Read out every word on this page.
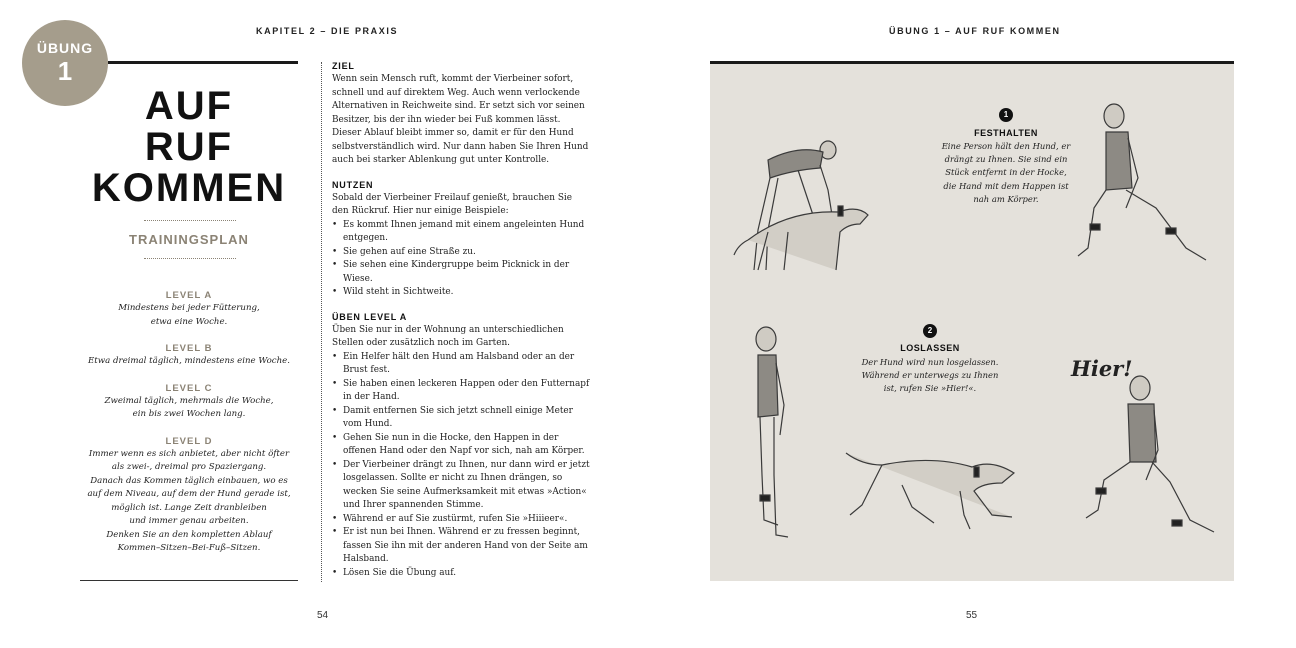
KAPITEL 2 – DIE PRAXIS	ÜBUNG 1 – AUF RUF KOMMEN
ÜBUNG
1
AUF
RUF
KOMMEN
TRAININGSPLAN
LEVEL A
Mindestens bei jeder Fütterung,
etwa eine Woche.
LEVEL B
Etwa dreimal täglich, mindestens eine Woche.
LEVEL C
Zweimal täglich, mehrmals die Woche,
ein bis zwei Wochen lang.
LEVEL D
Immer wenn es sich anbietet, aber nicht öfter
als zwei-, dreimal pro Spaziergang.
Danach das Kommen täglich einbauen, wo es
auf dem Niveau, auf dem der Hund gerade ist,
möglich ist. Lange Zeit dranbleiben
und immer genau arbeiten.
Denken Sie an den kompletten Ablauf
Kommen–Sitzen–Bei-Fuß–Sitzen.
ZIEL

Wenn sein Mensch ruft, kommt der Vierbeiner sofort, schnell und auf direktem Weg. Auch wenn verlockende Alternativen in Reichweite sind. Er setzt sich vor seinen Besitzer, bis der ihn wieder bei Fuß kommen lässt. Dieser Ablauf bleibt immer so, damit er für den Hund selbstverständlich wird. Nur dann haben Sie Ihren Hund auch bei starker Ablenkung gut unter Kontrolle.

NUTZEN

Sobald der Vierbeiner Freilauf genießt, brauchen Sie den Rückruf. Hier nur einige Beispiele:

• Es kommt Ihnen jemand mit einem angeleinten Hund entgegen.
• Sie gehen auf eine Straße zu.
• Sie sehen eine Kindergruppe beim Picknick in der Wiese.
• Wild steht in Sichtweite.
ÜBEN LEVEL A

Üben Sie nur in der Wohnung an unterschiedlichen Stellen oder zusätzlich noch im Garten.

• Ein Helfer hält den Hund am Halsband oder an der Brust fest.
• Sie haben einen leckeren Happen oder den Futternapf in der Hand.
• Damit entfernen Sie sich jetzt schnell einige Meter vom Hund.
• Gehen Sie nun in die Hocke, den Happen in der offenen Hand oder den Napf vor sich, nah am Körper.
• Der Vierbeiner drängt zu Ihnen, nur dann wird er jetzt losgelassen. Sollte er nicht zu Ihnen drängen, so wecken Sie seine Aufmerksamkeit mit etwas »Action« und Ihrer spannenden Stimme.
• Während er auf Sie zustürmt, rufen Sie »Hiiieer«.
• Er ist nun bei Ihnen. Während er zu fressen beginnt, fassen Sie ihn mit der anderen Hand von der Seite am Halsband.
• Lösen Sie die Übung auf.
54
1
FESTHALTEN
Eine Person hält den Hund, er
drängt zu Ihnen. Sie sind ein
Stück entfernt in der Hocke,
die Hand mit dem Happen ist
nah am Körper.
2
LOSLASSEN
Der Hund wird nun losgelassen.
Während er unterwegs zu Ihnen
ist, rufen Sie »Hier!«.
Hier!
55
